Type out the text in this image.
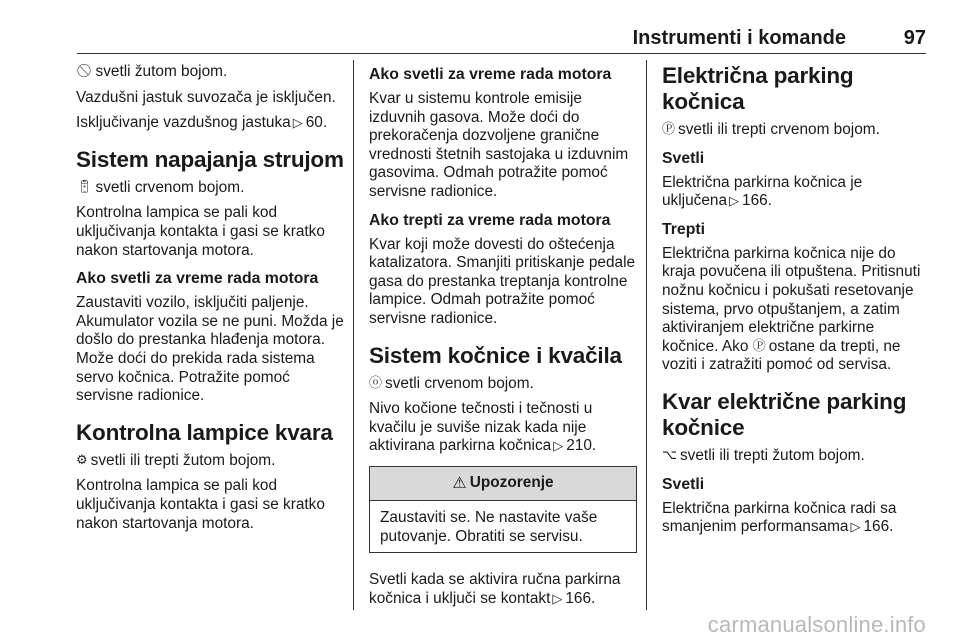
Instrumenti i komande	97

🚫︎ svetli žutom bojom.

Vazdušni jastuk suvozača je isključen.

Isključivanje vazdušnog jastuka ▷ 60.

Sistem napajanja strujom

🔋︎ svetli crvenom bojom.

Kontrolna lampica se pali kod uključivanja kontakta i gasi se kratko nakon startovanja motora.

Ako svetli za vreme rada motora

Zaustaviti vozilo, isključiti paljenje. Akumulator vozila se ne puni. Možda je došlo do prestanka hlađenja motora. Može doći do prekida rada sistema servo kočnica. Potražite pomoć servisne radionice.

Kontrolna lampice kvara

⚙︎ svetli ili trepti žutom bojom.

Kontrolna lampica se pali kod uključivanja kontakta i gasi se kratko nakon startovanja motora.

Ako svetli za vreme rada motora

Kvar u sistemu kontrole emisije izduvnih gasova. Može doći do prekoračenja dozvoljene granične vrednosti štetnih sastojaka u izduvnim gasovima. Odmah potražite pomoć servisne radionice.

Ako trepti za vreme rada motora

Kvar koji može dovesti do oštećenja katalizatora. Smanjiti pritiskanje pedale gasa do prestanka treptanja kontrolne lampice. Odmah potražite pomoć servisne radionice.

Sistem kočnice i kvačila

ⓞ svetli crvenom bojom.

Nivo kočione tečnosti i tečnosti u kvačilu je suviše nizak kada nije aktivirana parkirna kočnica ▷ 210.

⚠︎ Upozorenje

Zaustaviti se. Ne nastavite vaše putovanje. Obratiti se servisu.

Svetli kada se aktivira ručna parkirna kočnica i uključi se kontakt ▷ 166.

Električna parking kočnica

Ⓟ svetli ili trepti crvenom bojom.

Svetli

Električna parkirna kočnica je uključena ▷ 166.

Trepti

Električna parkirna kočnica nije do kraja povučena ili otpuštena. Pritisnuti nožnu kočnicu i pokušati resetovanje sistema, prvo otpuštanjem, a zatim aktiviranjem električne parkirne kočnice. Ako Ⓟ ostane da trepti, ne voziti i zatražiti pomoć od servisa.

Kvar električne parking kočnice

⌥ svetli ili trepti žutom bojom.

Svetli

Električna parkirna kočnica radi sa smanjenim performansama ▷ 166.

carmanualsonline.info
